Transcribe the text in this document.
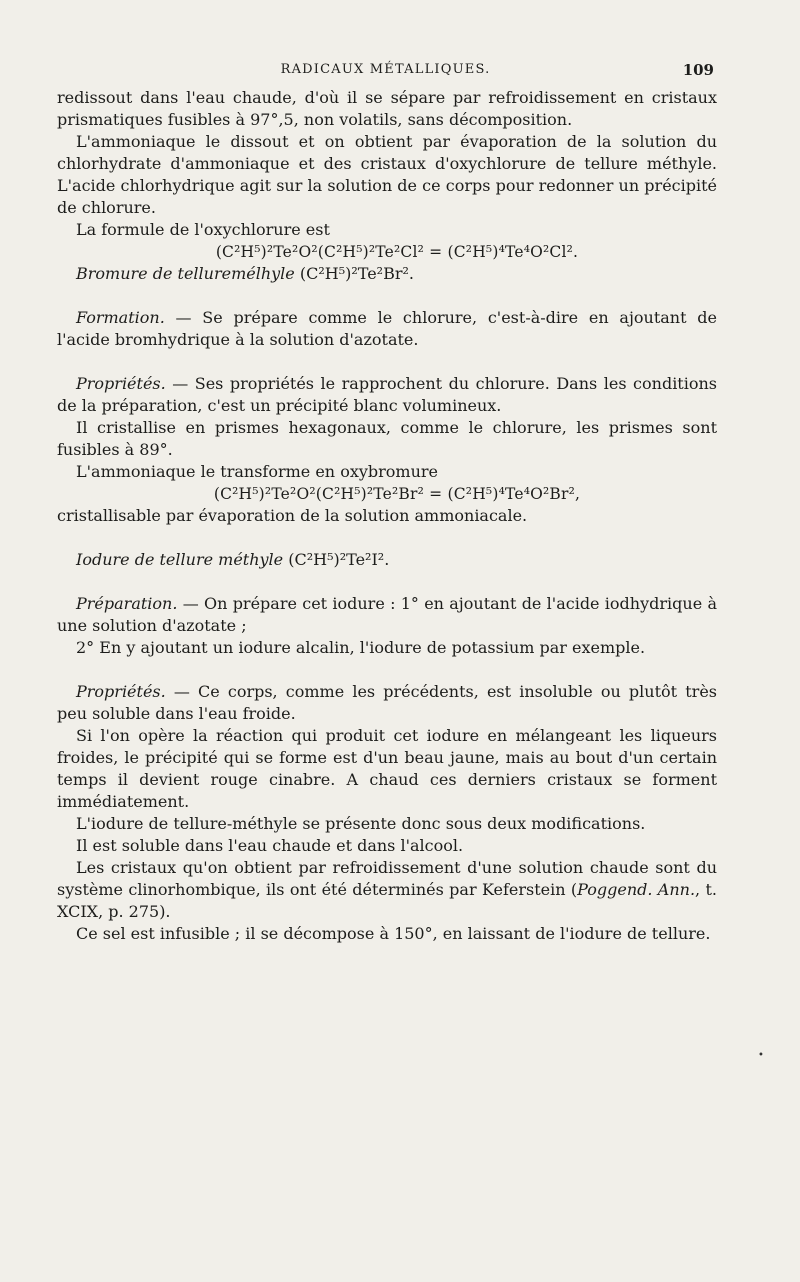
RADICAUX MÉTALLIQUES.	109

redissout dans l'eau chaude, d'où il se sépare par refroidissement en cristaux prismatiques fusibles à 97°,5, non volatils, sans décomposition.

L'ammoniaque le dissout et on obtient par évaporation de la solution du chlorhydrate d'ammoniaque et des cristaux d'oxychlorure de tellure méthyle. L'acide chlorhydrique agit sur la solution de ce corps pour redonner un précipité de chlorure.

La formule de l'oxychlorure est

(C²H⁵)²Te²O²(C²H⁵)²Te²Cl² = (C²H⁵)⁴Te⁴O²Cl².

Bromure de telluremélhyle (C²H⁵)²Te²Br².

Formation. — Se prépare comme le chlorure, c'est-à-dire en ajoutant de l'acide bromhydrique à la solution d'azotate.

Propriétés. — Ses propriétés le rapprochent du chlorure. Dans les conditions de la préparation, c'est un précipité blanc volumineux.

Il cristallise en prismes hexagonaux, comme le chlorure, les prismes sont fusibles à 89°.

L'ammoniaque le transforme en oxybromure

(C²H⁵)²Te²O²(C²H⁵)²Te²Br² = (C²H⁵)⁴Te⁴O²Br²,

cristallisable par évaporation de la solution ammoniacale.

Iodure de tellure méthyle (C²H⁵)²Te²I².

Préparation. — On prépare cet iodure : 1° en ajoutant de l'acide iodhydrique à une solution d'azotate ;

2° En y ajoutant un iodure alcalin, l'iodure de potassium par exemple.

Propriétés. — Ce corps, comme les précédents, est insoluble ou plutôt très peu soluble dans l'eau froide.

Si l'on opère la réaction qui produit cet iodure en mélangeant les liqueurs froides, le précipité qui se forme est d'un beau jaune, mais au bout d'un certain temps il devient rouge cinabre. A chaud ces derniers cristaux se forment immédiatement.

L'iodure de tellure-méthyle se présente donc sous deux modifications.

Il est soluble dans l'eau chaude et dans l'alcool.

Les cristaux qu'on obtient par refroidissement d'une solution chaude sont du système clinorhombique, ils ont été déterminés par Keferstein (Poggend. Ann., t. XCIX, p. 275).

Ce sel est infusible ; il se décompose à 150°, en laissant de l'iodure de tellure.

•
